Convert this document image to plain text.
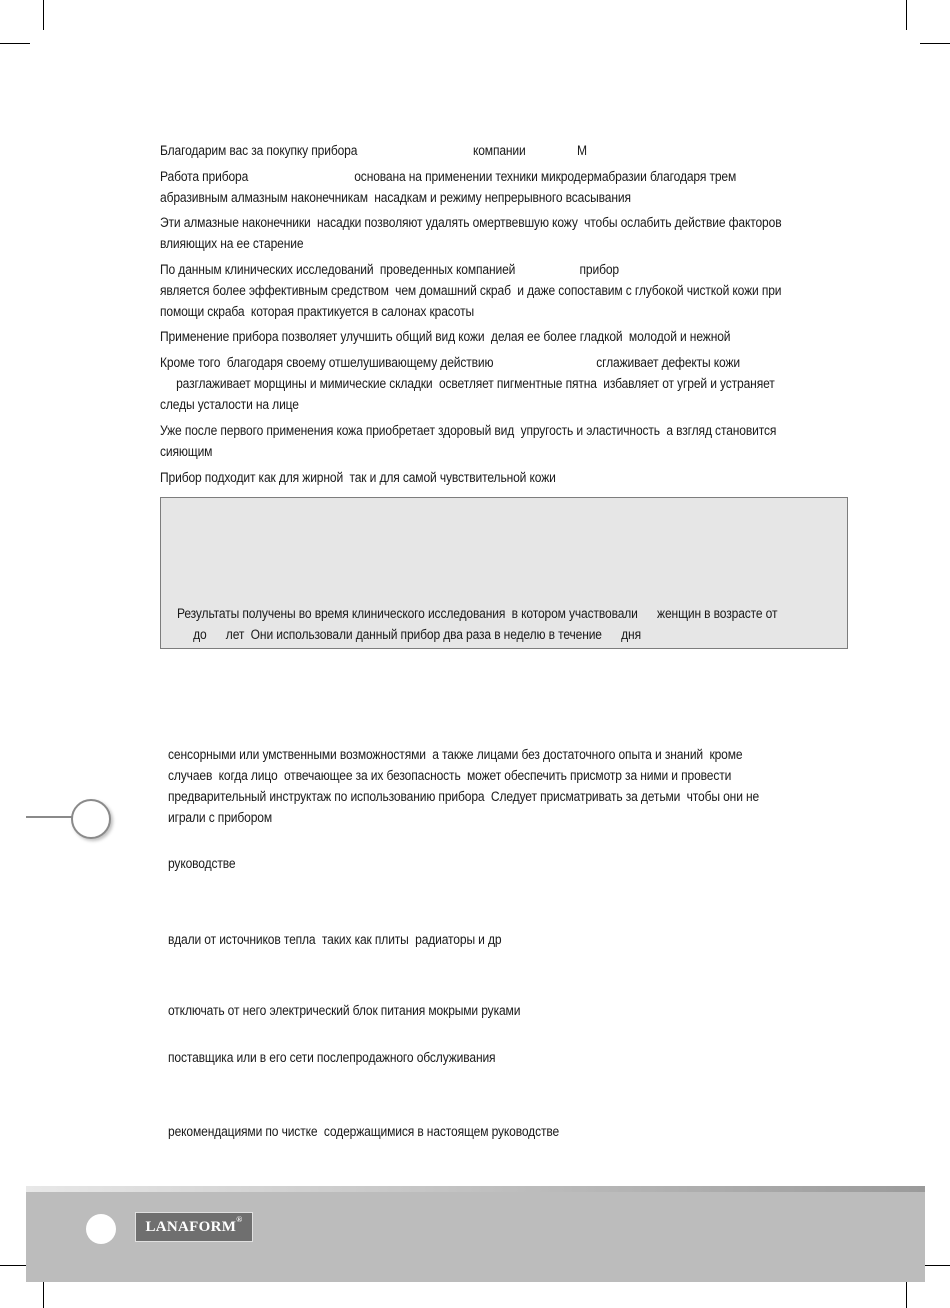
Благодарим вас за покупку прибора                                    компании                М
Работа прибора                                 основана на применении техники микродермабразии благодаря трем
абразивным алмазным наконечникам  насадкам и режиму непрерывного всасывания
Эти алмазные наконечники  насадки позволяют удалять омертвевшую кожу  чтобы ослабить действие факторов
влияющих на ее старение
По данным клинических исследований  проведенных компанией                    прибор
является более эффективным средством  чем домашний скраб  и даже сопоставим с глубокой чисткой кожи при
помощи скраба  которая практикуется в салонах красоты
Применение прибора позволяет улучшить общий вид кожи  делая ее более гладкой  молодой и нежной
Кроме того  благодаря своему отшелушивающему действию                                сглаживает дефекты кожи
разглаживает морщины и мимические складки  осветляет пигментные пятна  избавляет от угрей и устраняет
следы усталости на лице
Уже после первого применения кожа приобретает здоровый вид  упругость и эластичность  а взгляд становится
сияющим
Прибор подходит как для жирной  так и для самой чувствительной кожи
Результаты получены во время клинического исследования  в котором участвовали      женщин в возрасте от
до      лет  Они использовали данный прибор два раза в неделю в течение      дня
сенсорными или умственными возможностями  а также лицами без достаточного опыта и знаний  кроме
случаев  когда лицо  отвечающее за их безопасность  может обеспечить присмотр за ними и провести
предварительный инструктаж по использованию прибора  Следует присматривать за детьми  чтобы они не
играли с прибором
руководстве
вдали от источников тепла  таких как плиты  радиаторы и др
отключать от него электрический блок питания мокрыми руками
поставщика или в его сети послепродажного обслуживания
рекомендациями по чистке  содержащимися в настоящем руководстве
LANAFORM®
